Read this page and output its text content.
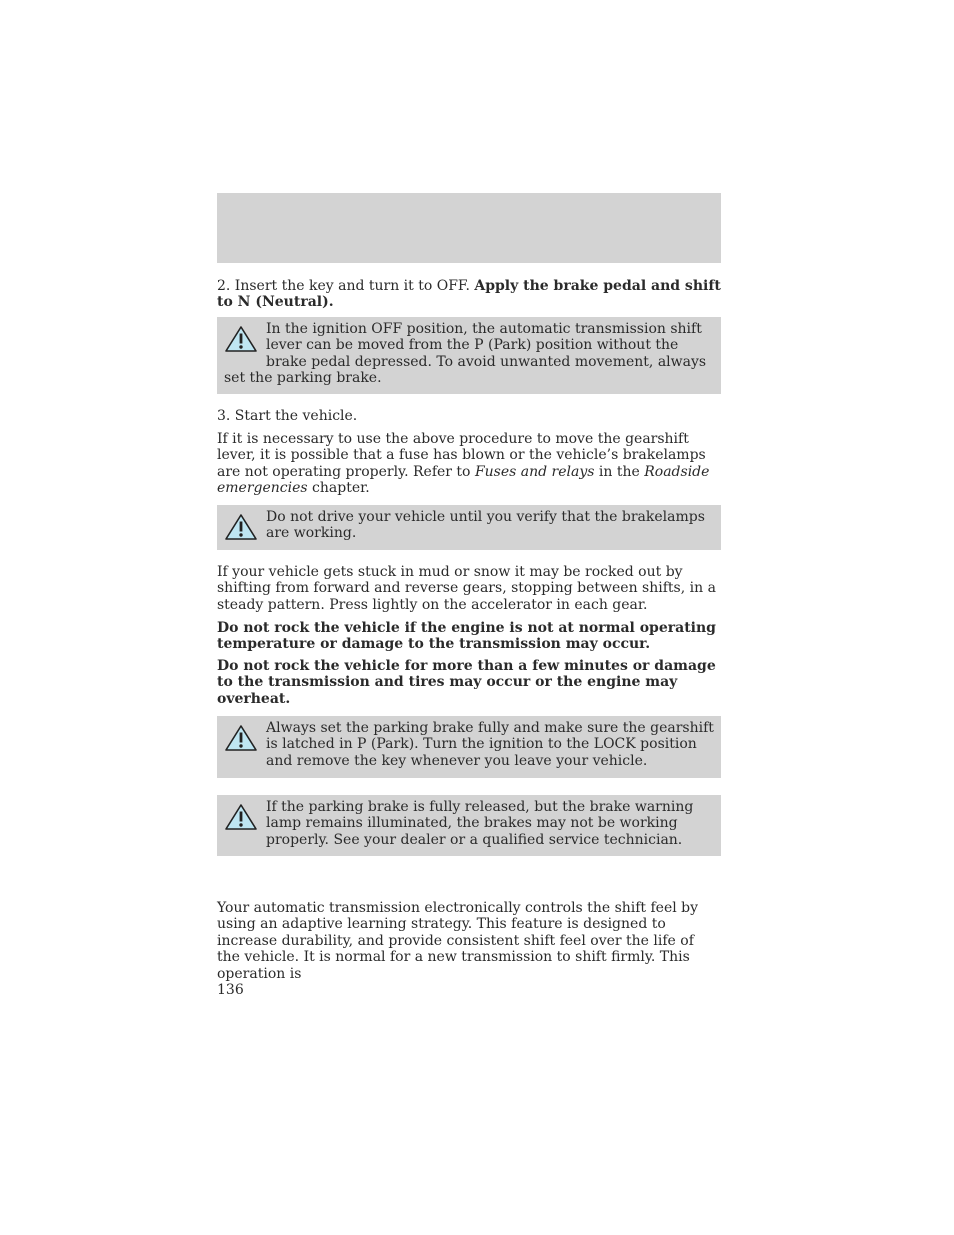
2. Insert the key and turn it to OFF. Apply the brake pedal and shift to N (Neutral).

In the ignition OFF position, the automatic transmission shift lever can be moved from the P (Park) position without the brake pedal depressed. To avoid unwanted movement, always set the parking brake.

3. Start the vehicle.

If it is necessary to use the above procedure to move the gearshift lever, it is possible that a fuse has blown or the vehicle’s brakelamps are not operating properly. Refer to Fuses and relays in the Roadside emergencies chapter.

Do not drive your vehicle until you verify that the brakelamps are working.

If your vehicle gets stuck in mud or snow it may be rocked out by shifting from forward and reverse gears, stopping between shifts, in a steady pattern. Press lightly on the accelerator in each gear.

Do not rock the vehicle if the engine is not at normal operating temperature or damage to the transmission may occur.

Do not rock the vehicle for more than a few minutes or damage to the transmission and tires may occur or the engine may overheat.

Always set the parking brake fully and make sure the gearshift is latched in P (Park). Turn the ignition to the LOCK position and remove the key whenever you leave your vehicle.
If the parking brake is fully released, but the brake warning lamp remains illuminated, the brakes may not be working properly. See your dealer or a qualified service technician.

Your automatic transmission electronically controls the shift feel by using an adaptive learning strategy. This feature is designed to increase durability, and provide consistent shift feel over the life of the vehicle. It is normal for a new transmission to shift firmly. This operation is

136
